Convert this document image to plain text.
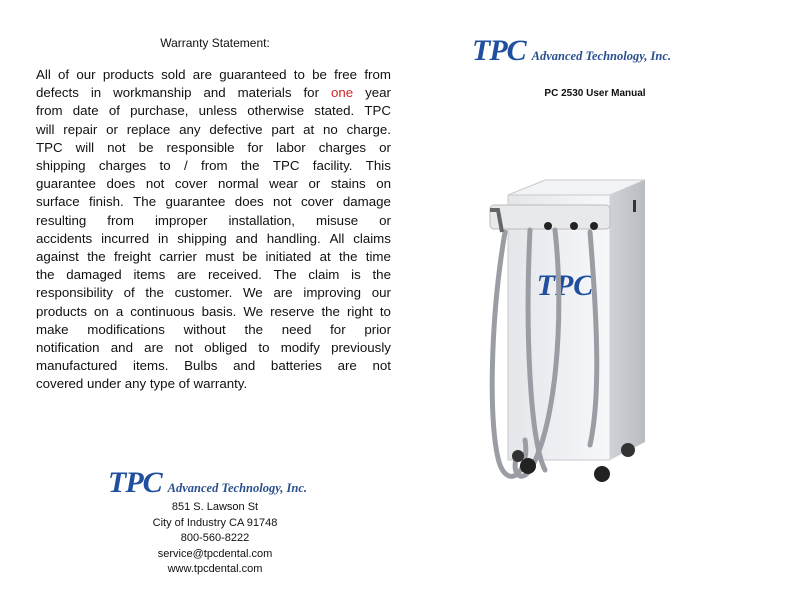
Warranty Statement:
All of our products sold are guaranteed to be free from
defects in workmanship and materials for one year
from date of purchase, unless otherwise stated. TPC
will repair or replace any defective part at no charge.
TPC will not be responsible for labor charges or
shipping charges to / from the TPC facility. This
guarantee does not cover normal wear or stains on
surface finish. The guarantee does not cover damage
resulting from improper installation, misuse or
accidents incurred in shipping and handling. All claims
against the freight carrier must be initiated at the time
the damaged items are received. The claim is the
responsibility of the customer. We are improving our
products on a continuous basis. We reserve the right to
make modifications without the need for prior
notification and are not obliged to modify previously
manufactured items. Bulbs and batteries are not
covered under any type of warranty.
TPC Advanced Technology, Inc.
851 S. Lawson St
City of Industry CA 91748
800-560-8222
service@tpcdental.com
www.tpcdental.com
TPC Advanced Technology, Inc.
PC 2530 User Manual
TPC
